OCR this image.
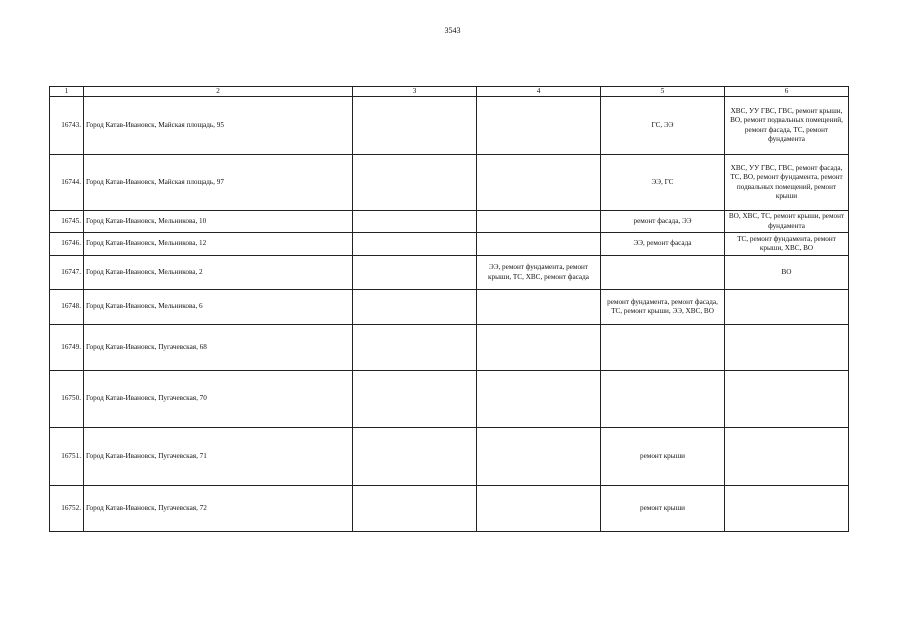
3543
1	2	3	4	5	6
16743.	Город Катав-Ивановск, Майская площадь, 95			ГС, ЭЭ	ХВС, УУ ГВС, ГВС, ремонт крыши, ВО, ремонт подвальных помещений, ремонт фасада, ТС, ремонт фундамента
16744.	Город Катав-Ивановск, Майская площадь, 97			ЭЭ, ГС	ХВС, УУ ГВС, ГВС, ремонт фасада, ТС, ВО, ремонт фундамента, ремонт подвальных помещений, ремонт крыши
16745.	Город Катав-Ивановск, Мельникова, 10			ремонт фасада, ЭЭ	ВО, ХВС, ТС, ремонт крыши, ремонт фундамента
16746.	Город Катав-Ивановск, Мельникова, 12			ЭЭ, ремонт фасада	ТС, ремонт фундамента, ремонт крыши, ХВС, ВО
16747.	Город Катав-Ивановск, Мельникова, 2		ЭЭ, ремонт фундамента, ремонт крыши, ТС, ХВС, ремонт фасада		ВО
16748.	Город Катав-Ивановск, Мельникова, 6			ремонт фундамента, ремонт фасада, ТС, ремонт крыши, ЭЭ, ХВС, ВО	
16749.	Город Катав-Ивановск, Пугачевская, 68				
16750.	Город Катав-Ивановск, Пугачевская, 70				
16751.	Город Катав-Ивановск, Пугачевская, 71			ремонт крыши	
16752.	Город Катав-Ивановск, Пугачевская, 72			ремонт крыши	
